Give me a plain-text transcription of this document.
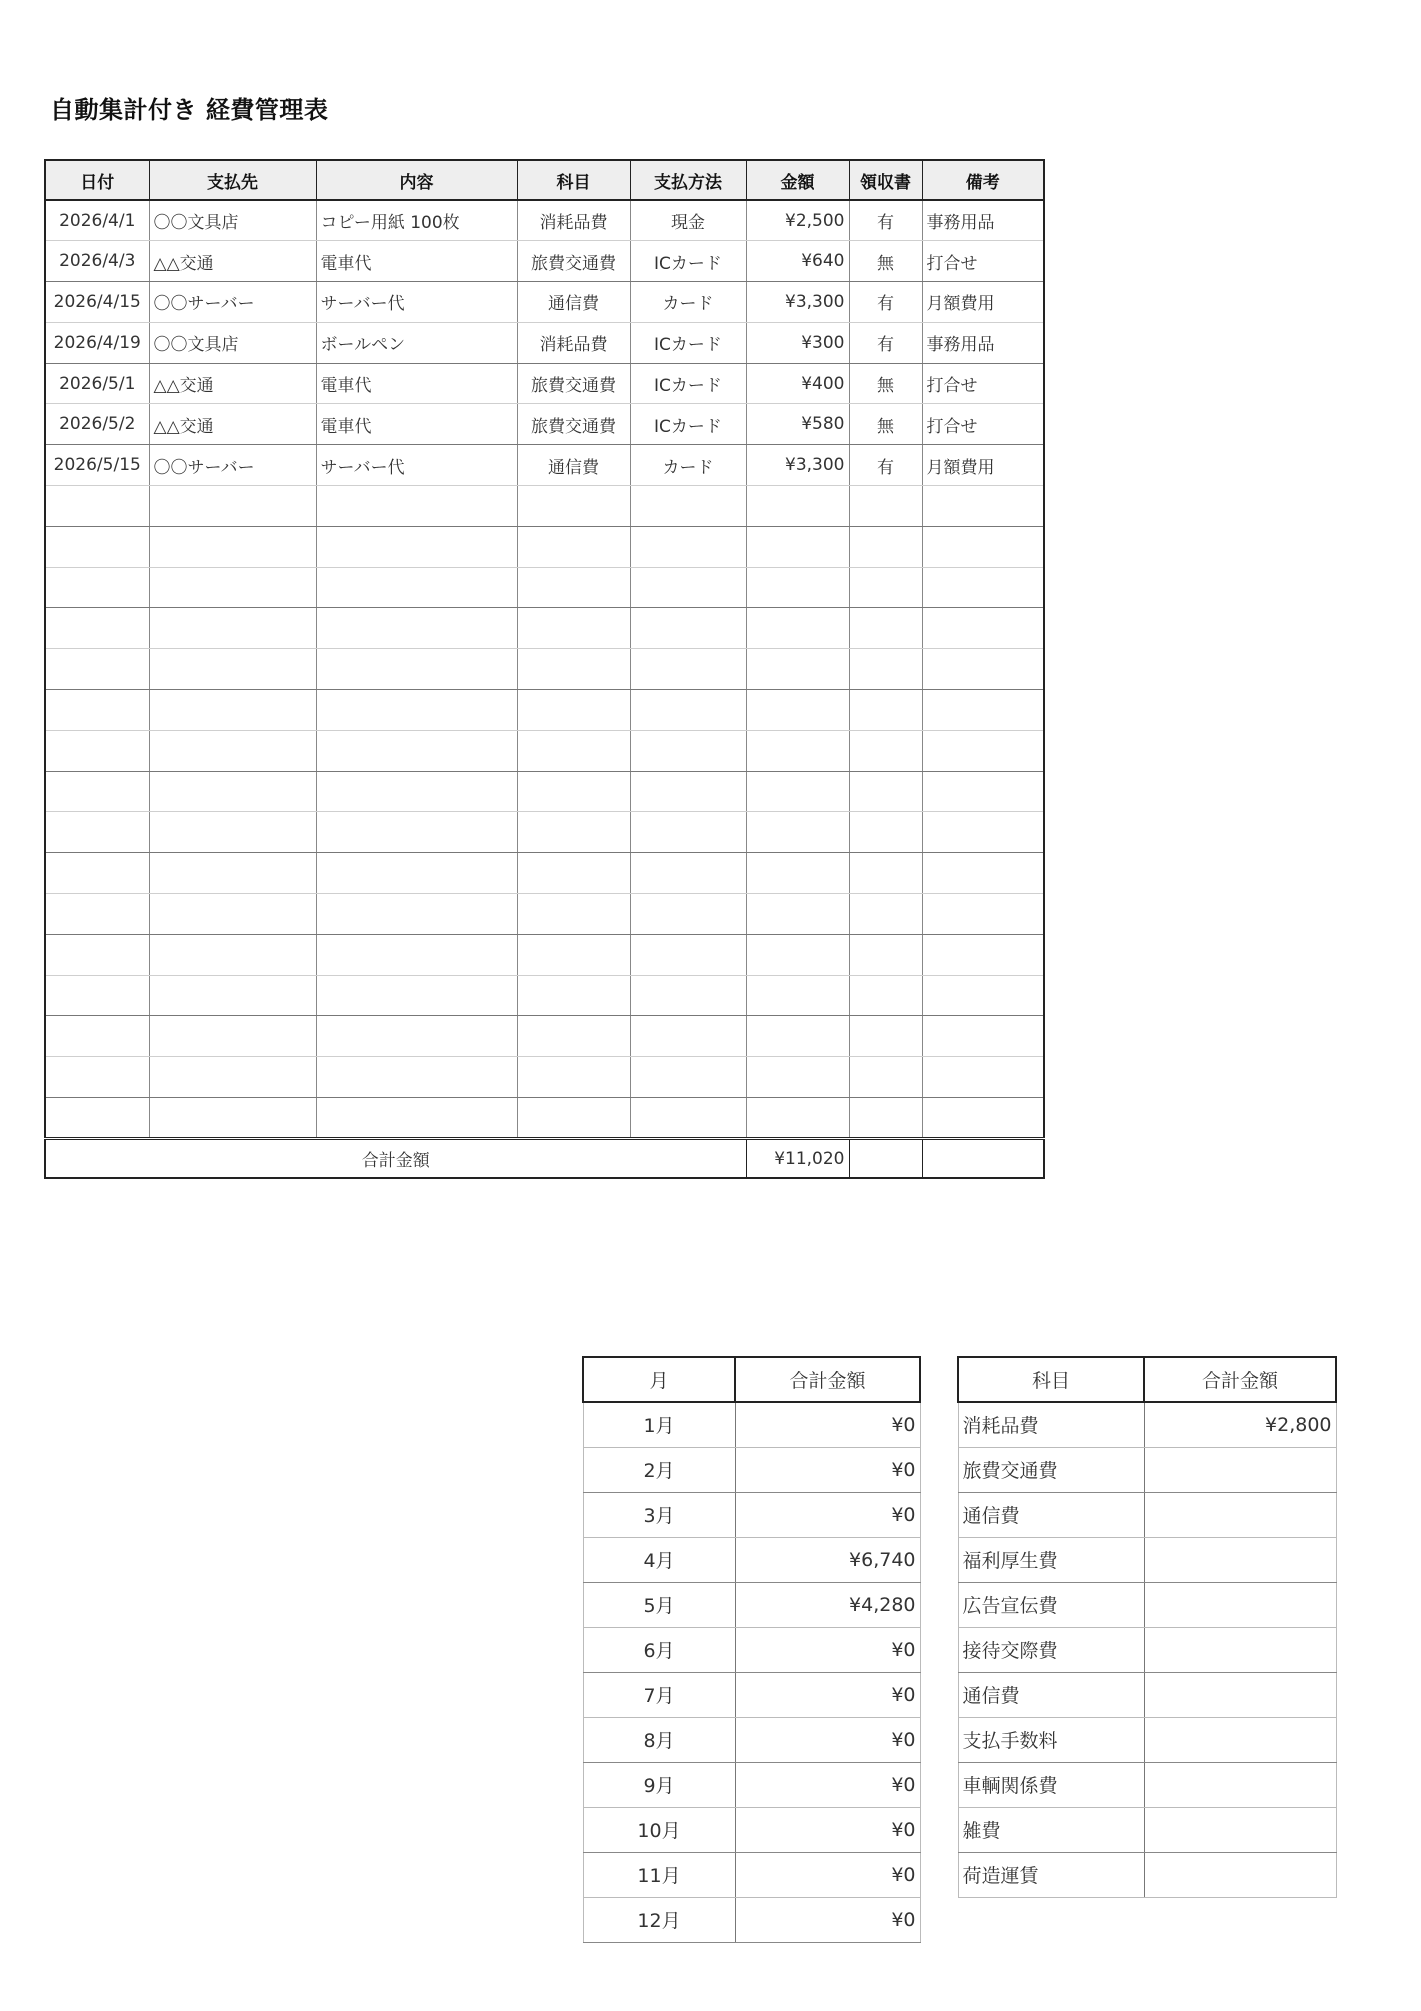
自動集計付き 経費管理表
日付	支払先	内容	科目	支払方法	金額	領収書	備考
2026/4/1	〇〇文具店	コピー用紙 100枚	消耗品費	現金	¥2,500	有	事務用品
2026/4/3	△△交通	電車代	旅費交通費	ICカード	¥640	無	打合せ
2026/4/15	〇〇サーバー	サーバー代	通信費	カード	¥3,300	有	月額費用
2026/4/19	〇〇文具店	ボールペン	消耗品費	ICカード	¥300	有	事務用品
2026/5/1	△△交通	電車代	旅費交通費	ICカード	¥400	無	打合せ
2026/5/2	△△交通	電車代	旅費交通費	ICカード	¥580	無	打合せ
2026/5/15	〇〇サーバー	サーバー代	通信費	カード	¥3,300	有	月額費用

合計金額					¥11,020		
月	合計金額
1月	¥0
2月	¥0
3月	¥0
4月	¥6,740
5月	¥4,280
6月	¥0
7月	¥0
8月	¥0
9月	¥0
10月	¥0
11月	¥0
12月	¥0
科目	合計金額
消耗品費	¥2,800
旅費交通費	
通信費	
福利厚生費	
広告宣伝費	
接待交際費	
通信費	
支払手数料	
車輌関係費	
雑費	
荷造運賃	
